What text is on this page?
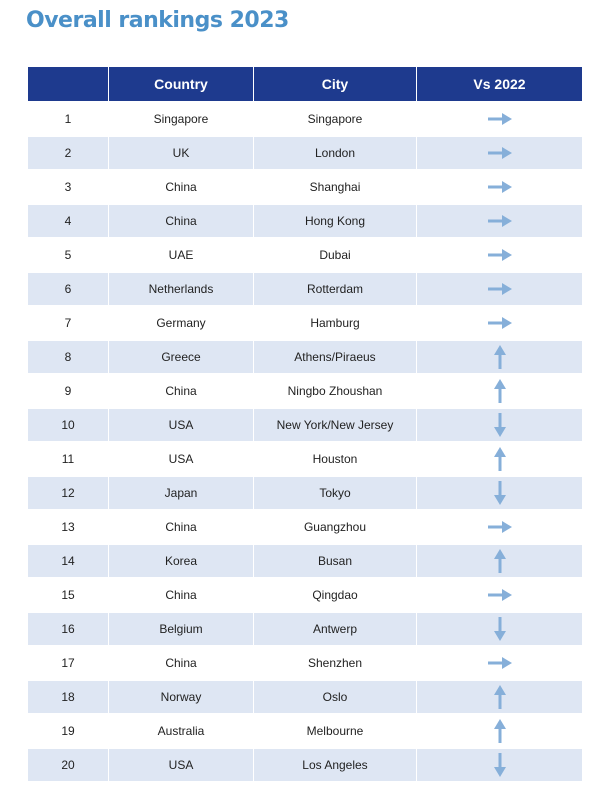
Overall rankings 2023
	Country	City	Vs 2022
1	Singapore	Singapore	

2	UK	London	

3	China	Shanghai	

4	China	Hong Kong	

5	UAE	Dubai	

6	Netherlands	Rotterdam	

7	Germany	Hamburg	

8	Greece	Athens/Piraeus	

9	China	Ningbo Zhoushan	

10	USA	New York/New Jersey	

11	USA	Houston	

12	Japan	Tokyo	

13	China	Guangzhou	

14	Korea	Busan	

15	China	Qingdao	

16	Belgium	Antwerp	

17	China	Shenzhen	

18	Norway	Oslo	

19	Australia	Melbourne	

20	USA	Los Angeles	
